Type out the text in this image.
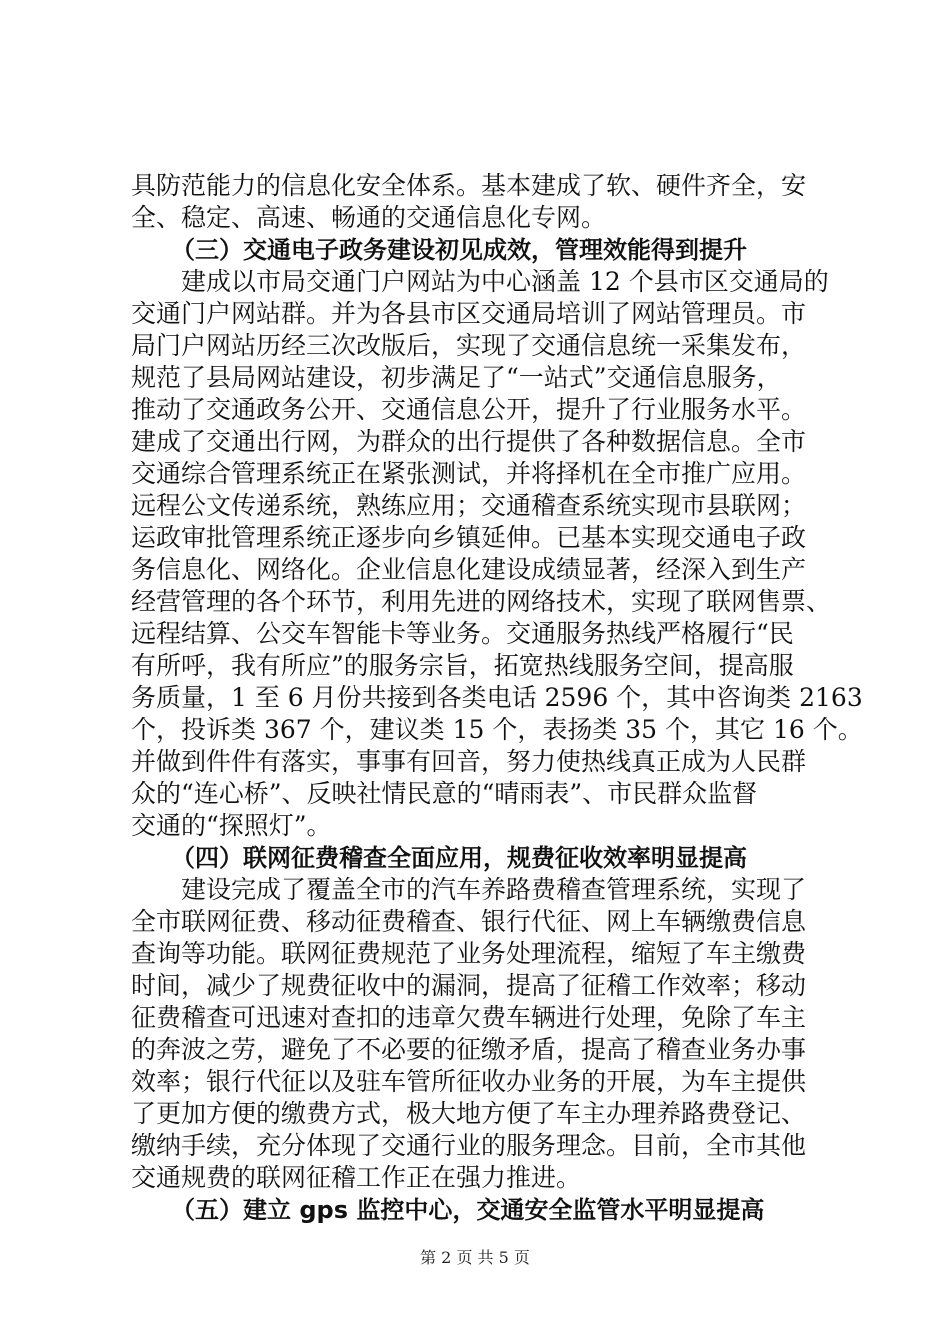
具防范能力的信息化安全体系。基本建成了软、硬件齐全，安
全、稳定、高速、畅通的交通信息化专网。
（三）交通电子政务建设初见成效，管理效能得到提升
建成以市局交通门户网站为中心涵盖 12 个县市区交通局的
交通门户网站群。并为各县市区交通局培训了网站管理员。市
局门户网站历经三次改版后，实现了交通信息统一采集发布，
规范了县局网站建设，初步满足了“一站式”交通信息服务，
推动了交通政务公开、交通信息公开，提升了行业服务水平。
建成了交通出行网，为群众的出行提供了各种数据信息。全市
交通综合管理系统正在紧张测试，并将择机在全市推广应用。
远程公文传递系统，熟练应用；交通稽查系统实现市县联网；
运政审批管理系统正逐步向乡镇延伸。已基本实现交通电子政
务信息化、网络化。企业信息化建设成绩显著，经深入到生产
经营管理的各个环节，利用先进的网络技术，实现了联网售票、
远程结算、公交车智能卡等业务。交通服务热线严格履行“民
有所呼，我有所应”的服务宗旨，拓宽热线服务空间，提高服
务质量，1 至 6 月份共接到各类电话 2596 个，其中咨询类 2163
个，投诉类 367 个，建议类 15 个，表扬类 35 个，其它 16 个。
并做到件件有落实，事事有回音，努力使热线真正成为人民群
众的“连心桥”、反映社情民意的“晴雨表”、市民群众监督
交通的“探照灯”。
（四）联网征费稽查全面应用，规费征收效率明显提高
建设完成了覆盖全市的汽车养路费稽查管理系统，实现了
全市联网征费、移动征费稽查、银行代征、网上车辆缴费信息
查询等功能。联网征费规范了业务处理流程，缩短了车主缴费
时间，减少了规费征收中的漏洞，提高了征稽工作效率；移动
征费稽查可迅速对查扣的违章欠费车辆进行处理，免除了车主
的奔波之劳，避免了不必要的征缴矛盾，提高了稽查业务办事
效率；银行代征以及驻车管所征收办业务的开展，为车主提供
了更加方便的缴费方式，极大地方便了车主办理养路费登记、
缴纳手续，充分体现了交通行业的服务理念。目前，全市其他
交通规费的联网征稽工作正在强力推进。
（五）建立 gps 监控中心，交通安全监管水平明显提高
第 2 页 共 5 页
